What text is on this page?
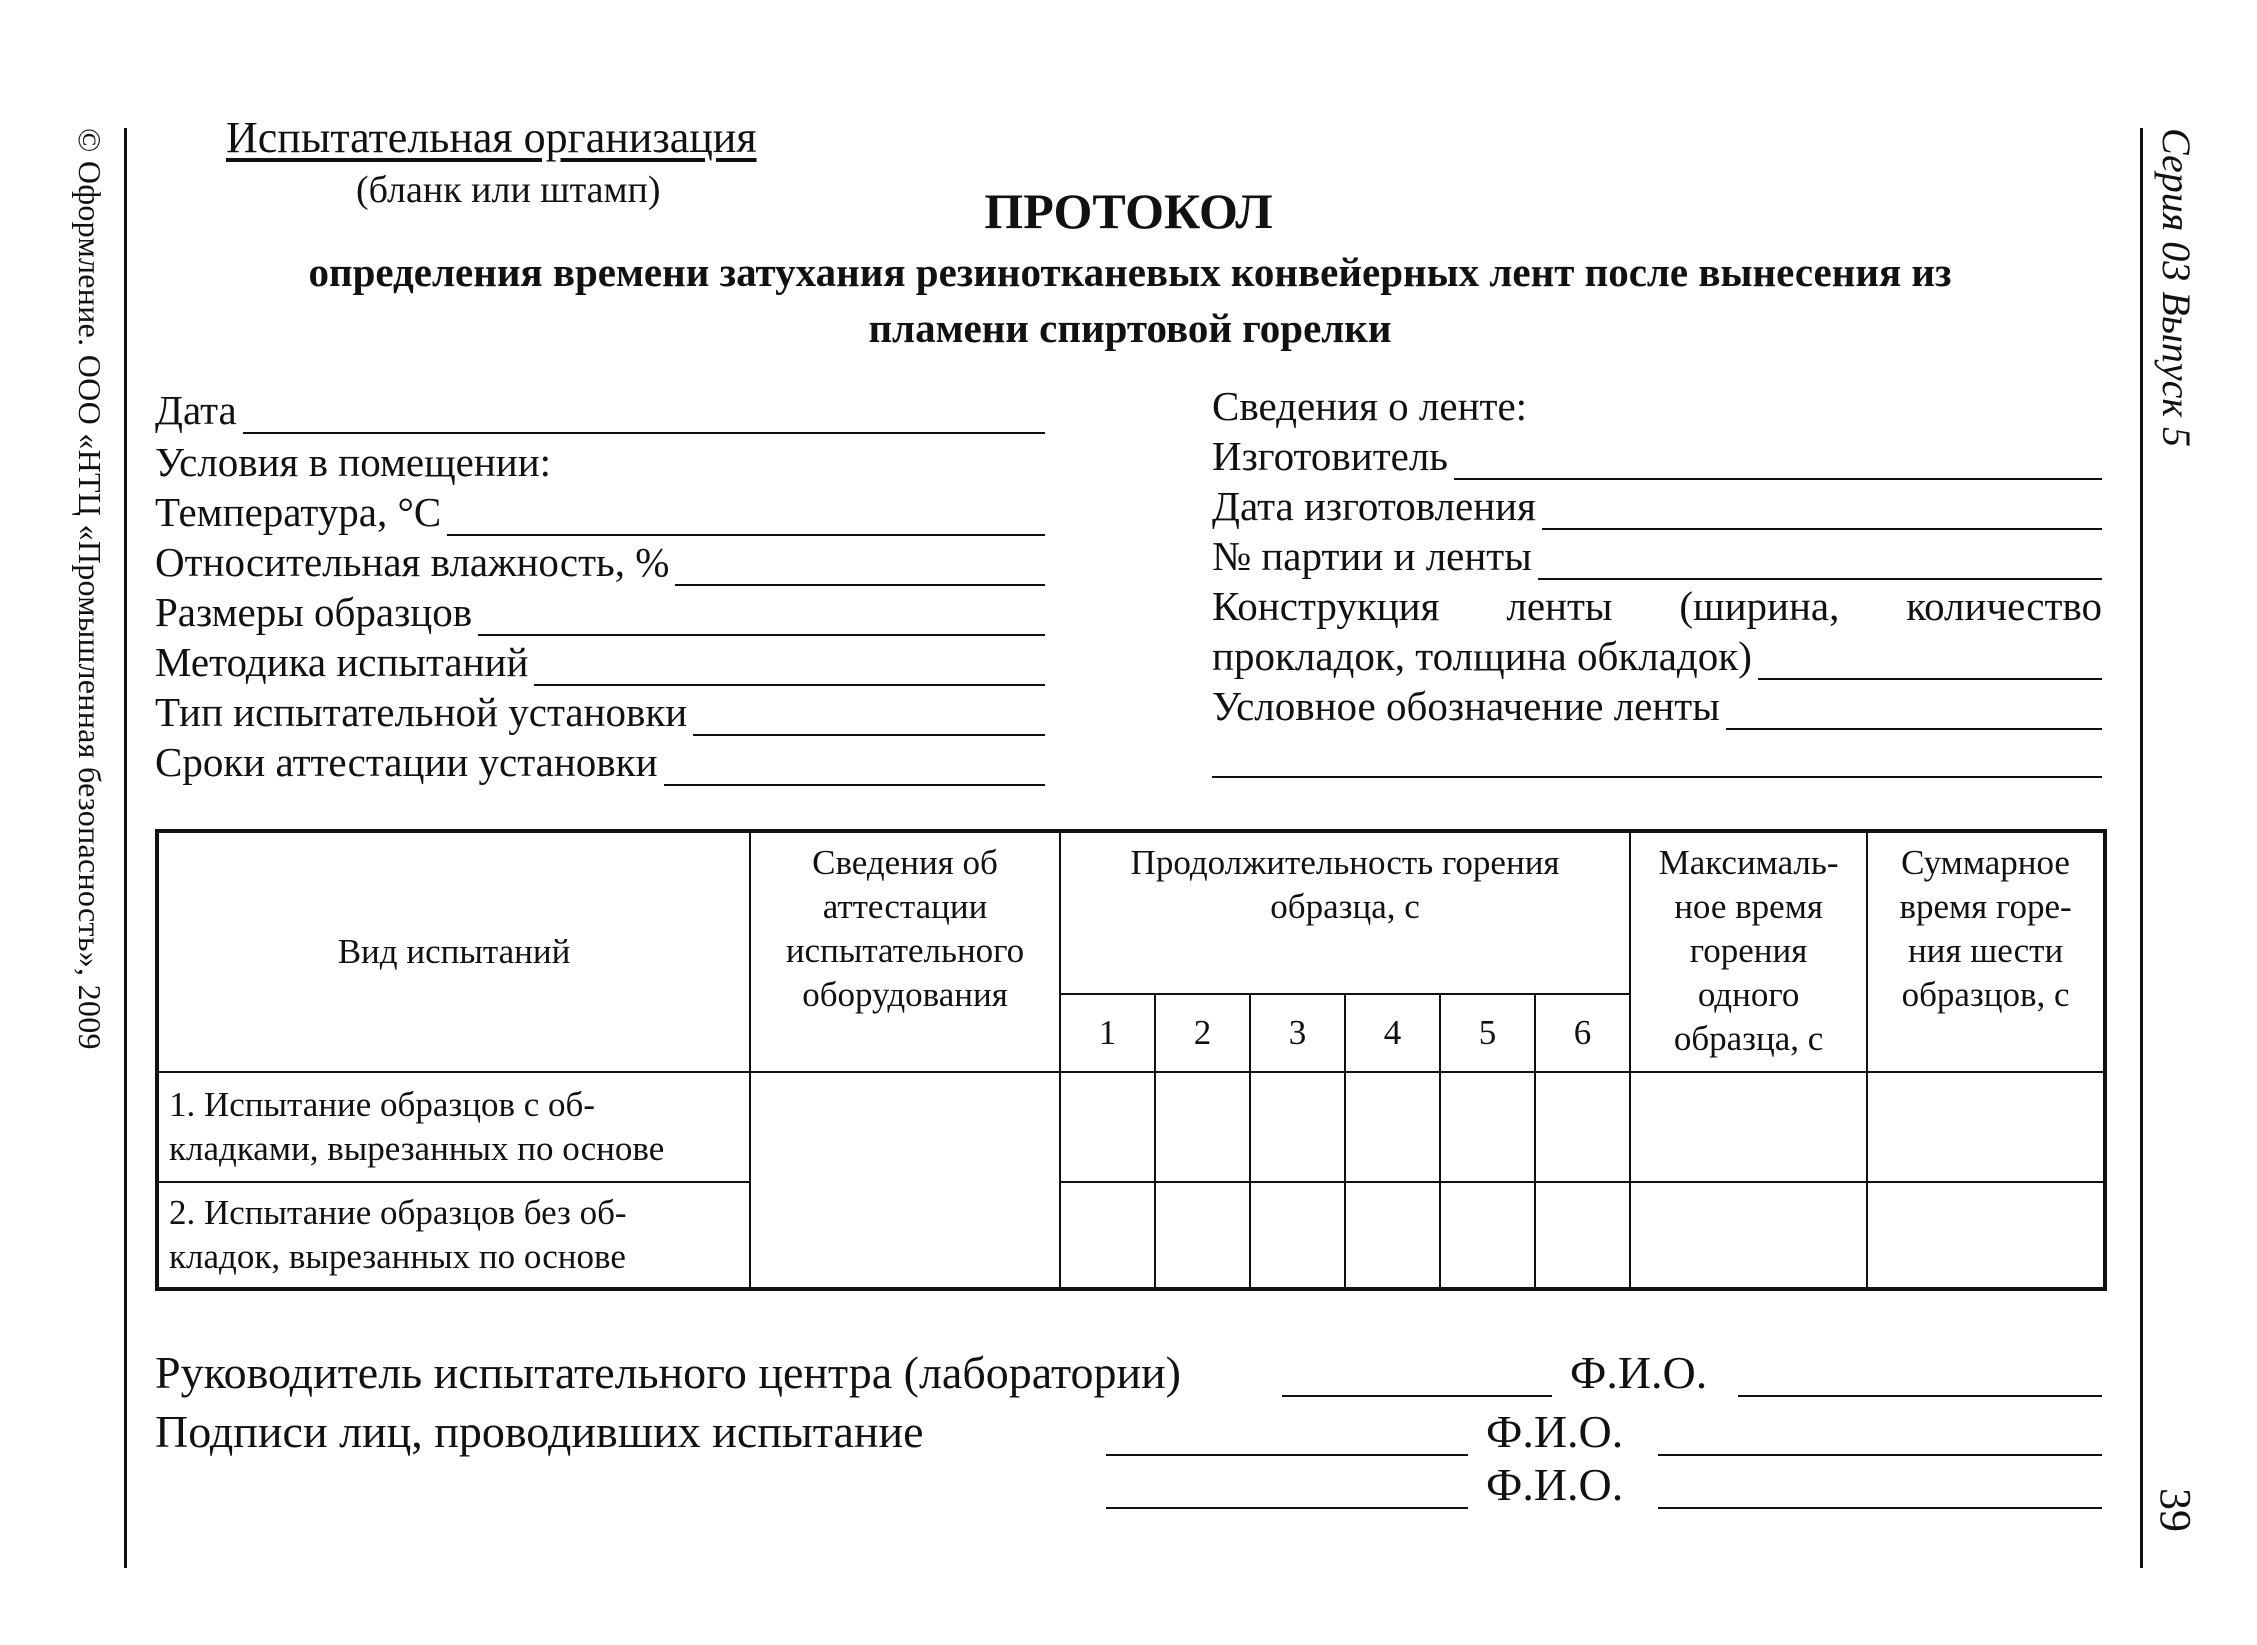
© Оформление. ООО «НТЦ «Промышленная безопасность», 2009	Серия 03 Выпуск 5
39
Испытательная организация
(бланк или штамп)	ПРОТОКОЛ
определения времени затухания резинотканевых конвейерных лент после вынесения из
пламени спиртовой горелки
Дата
Условия в помещении:
Температура, °С
Относительная влажность, %
Размеры образцов
Методика испытаний
Тип испытательной установки
Сроки аттестации установки
Сведения о ленте:
Изготовитель
Дата изготовления
№ партии и ленты
Конструкция ленты (ширина, количество
прокладок, толщина обкладок)
Условное обозначение ленты
Вид испытаний	Сведения об аттестации испытательного оборудования	Продолжительность горения образца, с						Максималь- ное время горения одного образца, с	Суммарное время горе- ния шести образцов, с
		1	2	3	4	5	6		
1. Испытание образцов с об- кладками, вырезанных по основе									
2. Испытание образцов без об- кладок, вырезанных по основе									
Руководитель испытательного центра (лаборатории)	Ф.И.О.
Подписи лиц, проводивших испытание	Ф.И.О.
Ф.И.О.
